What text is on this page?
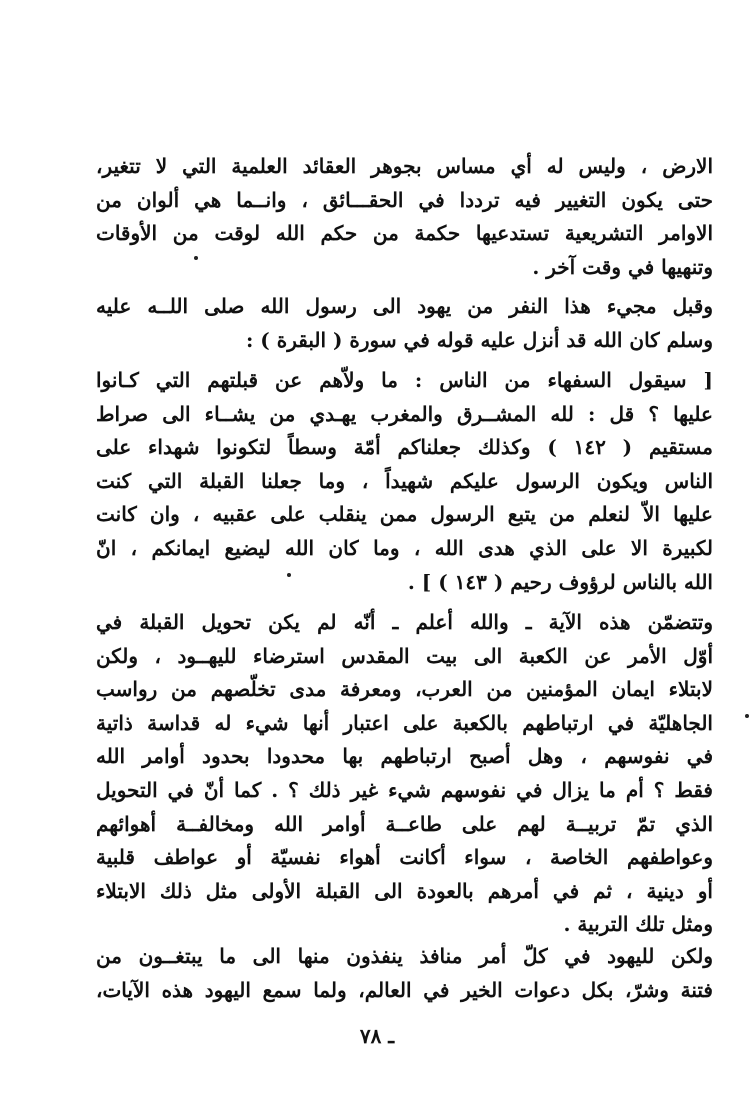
الارض ، وليس له أي مساس بجوهر العقائد العلمية التي لا تتغير،
حتى يكون التغيير فيه ترددا في الحقـــائق ، وانــما هي ألوان من
الاوامر التشريعية تستدعيها حكمة من حكم الله لوقت من الأوقات
وتنهيها في وقت آخر .
وقبل مجيء هذا النفر من يهود الى رسول الله صلى اللــه عليه
وسلم كان الله قد أنزل عليه قوله في سورة ( البقرة ) :
[ سيقول السفهاء من الناس : ما ولاّهم عن قبلتهم التي كـانوا
عليها ؟ قل : لله المشــرق والمغرب يهـدي من يشــاء الى صراط
مستقيم ( ١٤٢ ) وكذلك جعلناكم أمّة وسطاً لتكونوا شهداء على
الناس ويكون الرسول عليكم شهيداً ، وما جعلنا القبلة التي كنت
عليها الاّ لنعلم من يتبع الرسول ممن ينقلب على عقبيه ، وان كانت
لكبيرة الا على الذي هدى الله ، وما كان الله ليضيع ايمانكم ، انّ
الله بالناس لرؤوف رحيم ( ١٤٣ ) ] .
وتتضمّن هذه الآية ـ والله أعلم ـ أنّه لم يكن تحويل القبلة في
أوّل الأمر عن الكعبة الى بيت المقدس استرضاء لليهــود ، ولكن
لابتلاء ايمان المؤمنين من العرب، ومعرفة مدى تخلّصهم من رواسب
الجاهليّة في ارتباطهم بالكعبة على اعتبار أنها شيء له قداسة ذاتية
في نفوسهم ، وهل أصبح ارتباطهم بها محدودا بحدود أوامر الله
فقط ؟ أم ما يزال في نفوسهم شيء غير ذلك ؟ . كما أنّ في التحويل
الذي تمّ تربيــة لهم على طاعــة أوامر الله ومخالفــة أهوائهم
وعواطفهم الخاصة ، سواء أكانت أهواء نفسيّة أو عواطف قلبية
أو دينية ، ثم في أمرهم بالعودة الى القبلة الأولى مثل ذلك الابتلاء
ومثل تلك التربية .
ولكن لليهود في كلّ أمر منافذ ينفذون منها الى ما يبتغــون من
فتنة وشرّ، بكل دعوات الخير في العالم، ولما سمع اليهود هذه الآيات،
ـ ٧٨
